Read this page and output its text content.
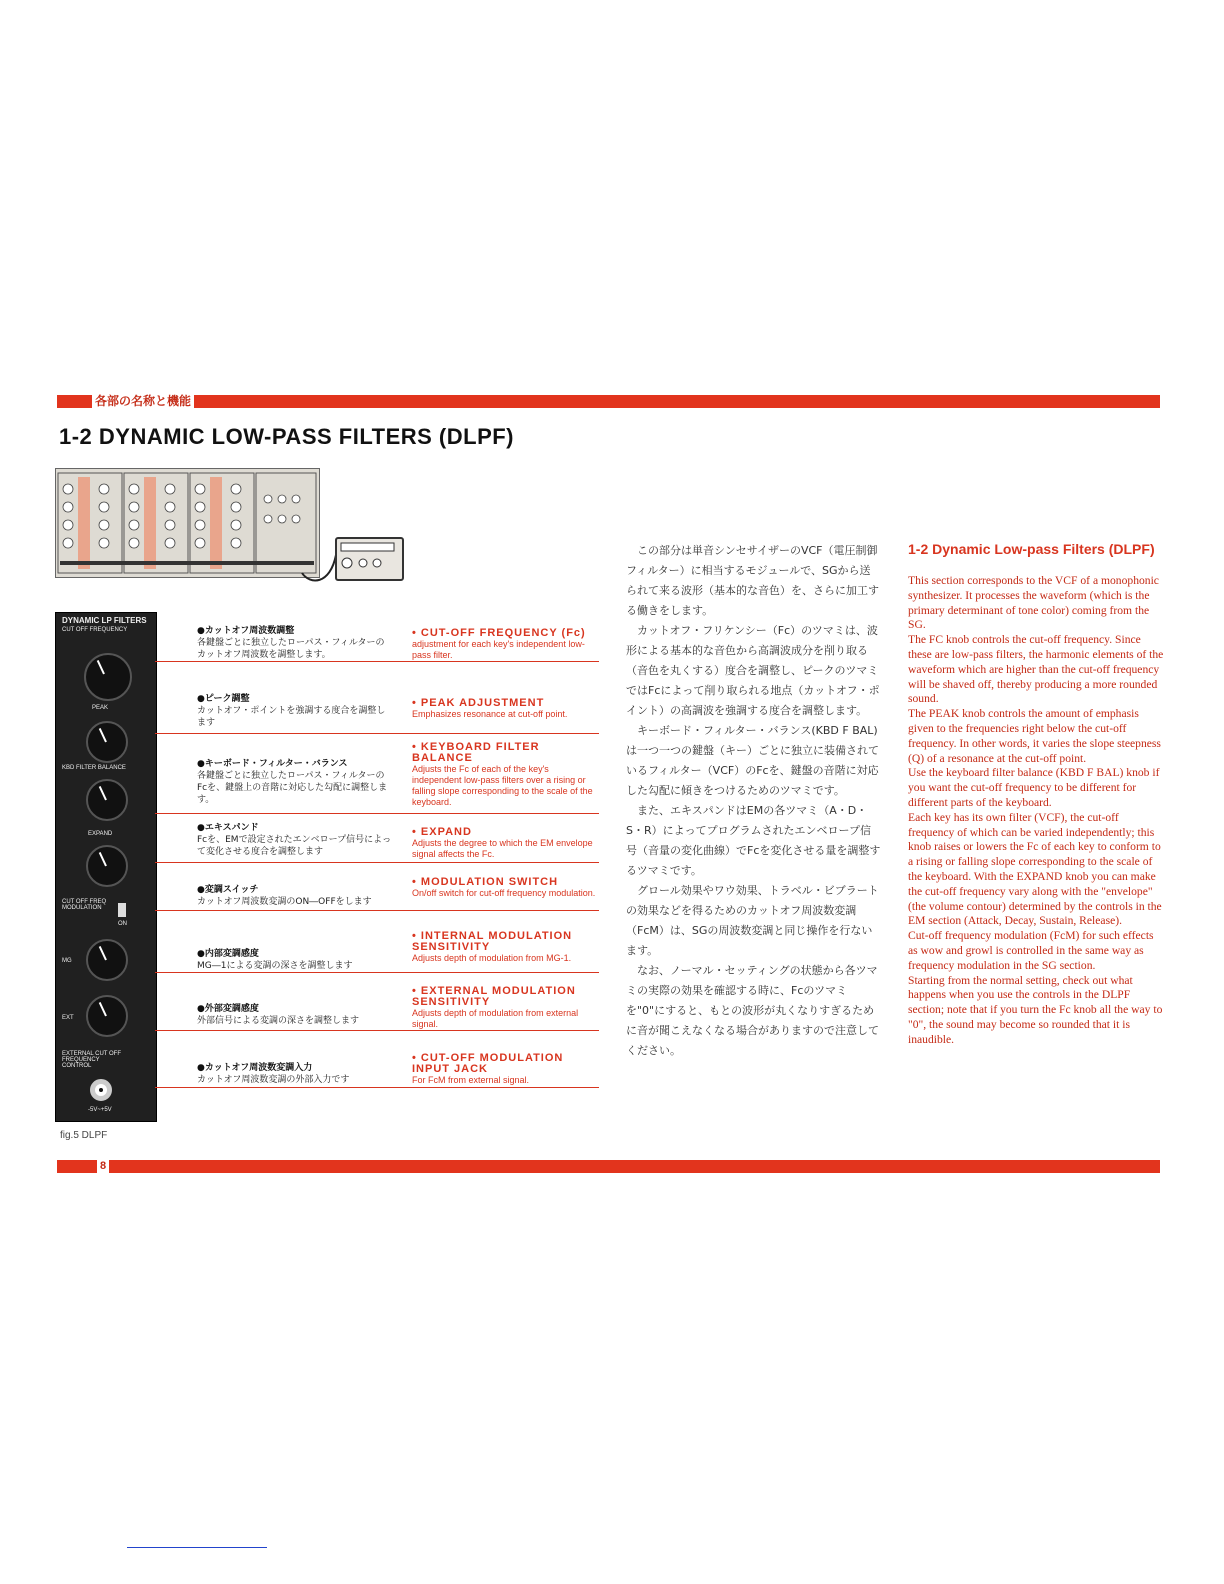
各部の名称と機能
1-2 DYNAMIC LOW-PASS FILTERS (DLPF)
DYNAMIC LP FILTERS
CUT OFF FREQUENCY
PEAK
KBD FILTER BALANCE
EXPAND
CUT OFF FREQ MODULATION
ON
MG
EXT
EXTERNAL CUT OFF FREQUENCY CONTROL
-5V~+5V
●カットオフ周波数調整
各鍵盤ごとに独立したローパス・フィルターのカットオフ周波数を調整します。
• CUT-OFF FREQUENCY (Fc)
adjustment for each key's independent low-pass filter.
●ピーク調整
カットオフ・ポイントを強調する度合を調整します
• PEAK ADJUSTMENT
Emphasizes resonance at cut-off point.
●キーボード・フィルター・バランス
各鍵盤ごとに独立したローパス・フィルターのFcを、鍵盤上の音階に対応した勾配に調整します。
• KEYBOARD FILTER BALANCE
Adjusts the Fc of each of the key's independent low-pass filters over a rising or falling slope corresponding to the scale of the keyboard.
●エキスパンド
Fcを、EMで設定されたエンベロープ信号によって変化させる度合を調整します
• EXPAND
Adjusts the degree to which the EM envelope signal affects the Fc.
●変調スイッチ
カットオフ周波数変調のON―OFFをします
• MODULATION SWITCH
On/off switch for cut-off frequency modulation.
●内部変調感度
MG―1による変調の深さを調整します
• INTERNAL MODULATION SENSITIVITY
Adjusts depth of modulation from MG-1.
●外部変調感度
外部信号による変調の深さを調整します
• EXTERNAL MODULATION SENSITIVITY
Adjusts depth of modulation from external signal.
●カットオフ周波数変調入力
カットオフ周波数変調の外部入力です
• CUT-OFF MODULATION INPUT JACK
For FcM from external signal.
fig.5 DLPF

この部分は単音シンセサイザーのVCF（電圧制御フィルター）に相当するモジュールで、SGから送られて来る波形（基本的な音色）を、さらに加工する働きをします。

カットオフ・フリケンシー（Fc）のツマミは、波形による基本的な音色から高調波成分を削り取る（音色を丸くする）度合を調整し、ピークのツマミではFcによって削り取られる地点（カットオフ・ポイント）の高調波を強調する度合を調整します。

キーボード・フィルター・バランス(KBD F BAL)は一つ一つの鍵盤（キー）ごとに独立に装備されているフィルター（VCF）のFcを、鍵盤の音階に対応した勾配に傾きをつけるためのツマミです。

また、エキスパンドはEMの各ツマミ（A・D・S・R）によってプログラムされたエンベロープ信号（音量の変化曲線）でFcを変化させる量を調整するツマミです。

グロール効果やワウ効果、トラベル・ビブラートの効果などを得るためのカットオフ周波数変調（FcM）は、SGの周波数変調と同じ操作を行ないます。

なお、ノーマル・セッティングの状態から各ツマミの実際の効果を確認する時に、Fcのツマミを"0"にすると、もとの波形が丸くなりすぎるために音が聞こえなくなる場合がありますので注意してください。

1-2 Dynamic Low-pass Filters (DLPF)

This section corresponds to the VCF of a monophonic synthesizer. It processes the waveform (which is the primary determinant of tone color) coming from the SG.

The FC knob controls the cut-off frequency. Since these are low-pass filters, the harmonic elements of the waveform which are higher than the cut-off frequency will be shaved off, thereby producing a more rounded sound.

The PEAK knob controls the amount of emphasis given to the frequencies right below the cut-off frequency. In other words, it varies the slope steepness (Q) of a resonance at the cut-off point.

Use the keyboard filter balance (KBD F BAL) knob if you want the cut-off frequency to be different for different parts of the keyboard.

Each key has its own filter (VCF), the cut-off frequency of which can be varied independently; this knob raises or lowers the Fc of each key to conform to a rising or falling slope corresponding to the scale of the keyboard. With the EXPAND knob you can make the cut-off frequency vary along with the "envelope" (the volume contour) determined by the controls in the EM section (Attack, Decay, Sustain, Release).

Cut-off frequency modulation (FcM) for such effects as wow and growl is controlled in the same way as frequency modulation in the SG section.

Starting from the normal setting, check out what happens when you use the controls in the DLPF section; note that if you turn the Fc knob all the way to "0", the sound may become so rounded that it is inaudible.

8
